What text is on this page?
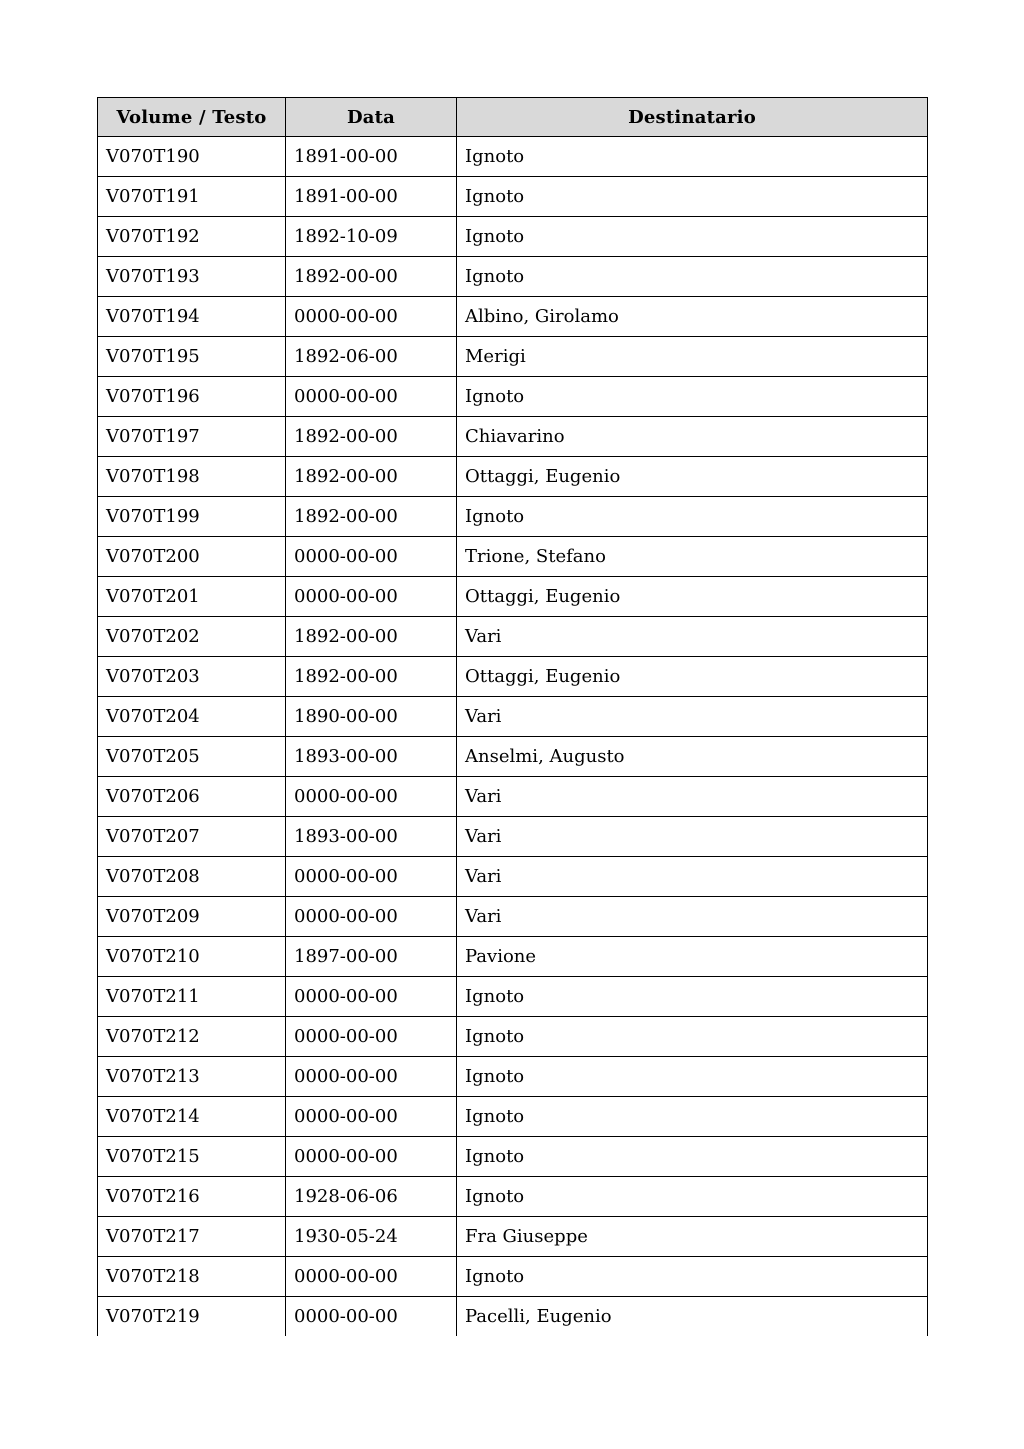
Volume / Testo	Data	Destinatario
V070T190	1891-00-00	Ignoto
V070T191	1891-00-00	Ignoto
V070T192	1892-10-09	Ignoto
V070T193	1892-00-00	Ignoto
V070T194	0000-00-00	Albino, Girolamo
V070T195	1892-06-00	Merigi
V070T196	0000-00-00	Ignoto
V070T197	1892-00-00	Chiavarino
V070T198	1892-00-00	Ottaggi, Eugenio
V070T199	1892-00-00	Ignoto
V070T200	0000-00-00	Trione, Stefano
V070T201	0000-00-00	Ottaggi, Eugenio
V070T202	1892-00-00	Vari
V070T203	1892-00-00	Ottaggi, Eugenio
V070T204	1890-00-00	Vari
V070T205	1893-00-00	Anselmi, Augusto
V070T206	0000-00-00	Vari
V070T207	1893-00-00	Vari
V070T208	0000-00-00	Vari
V070T209	0000-00-00	Vari
V070T210	1897-00-00	Pavione
V070T211	0000-00-00	Ignoto
V070T212	0000-00-00	Ignoto
V070T213	0000-00-00	Ignoto
V070T214	0000-00-00	Ignoto
V070T215	0000-00-00	Ignoto
V070T216	1928-06-06	Ignoto
V070T217	1930-05-24	Fra Giuseppe
V070T218	0000-00-00	Ignoto
V070T219	0000-00-00	Pacelli, Eugenio
